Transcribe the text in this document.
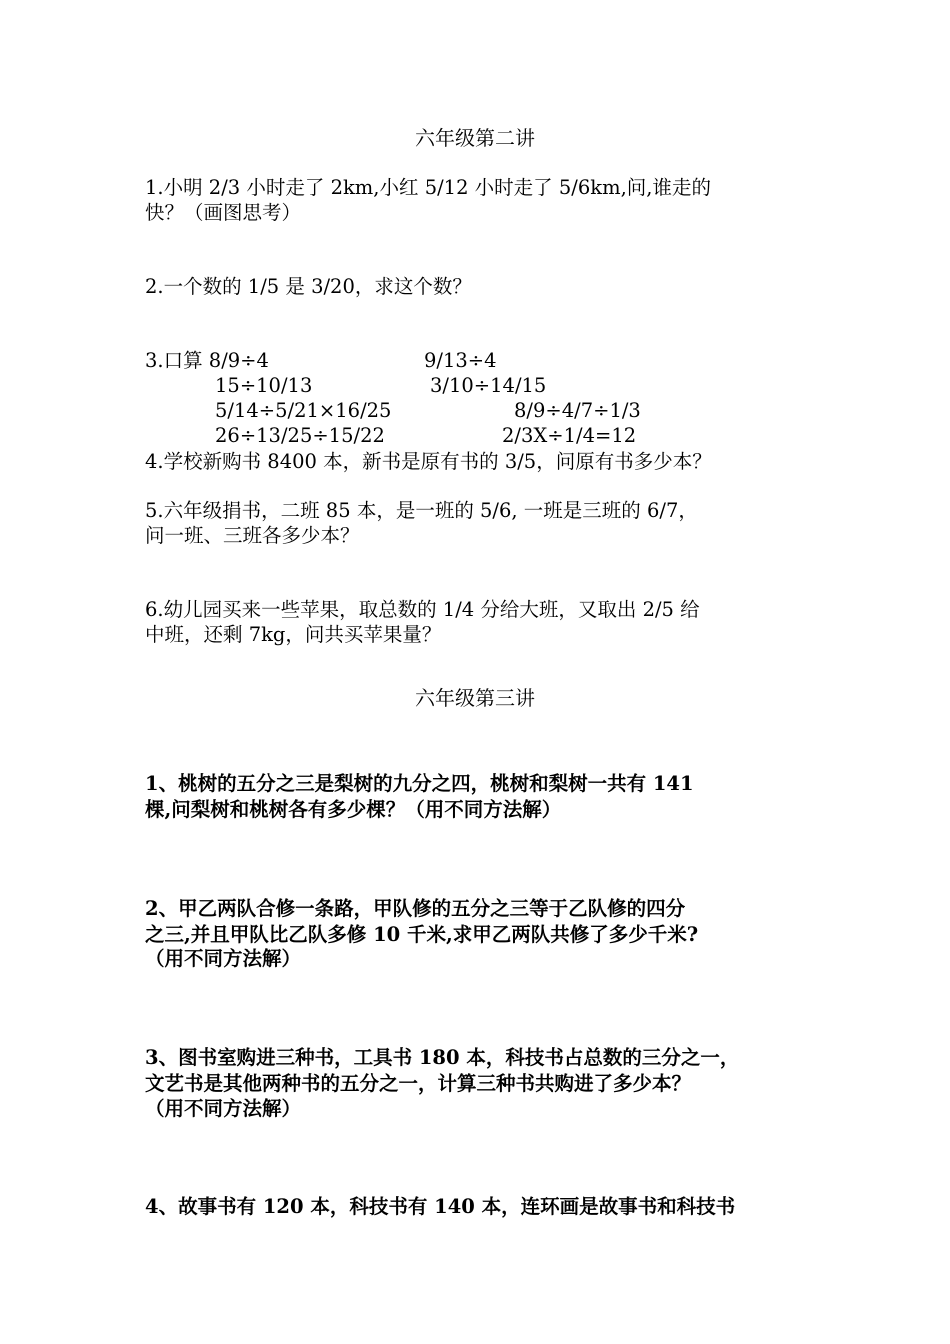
六年级第二讲
1.小明 2/3 小时走了 2km,小红 5/12 小时走了 5/6km,问,谁走的
快？（画图思考）
2.一个数的 1/5 是 3/20，求这个数？
3.口算 8/9÷4	9/13÷4
15÷10/13	3/10÷14/15
5/14÷5/21×16/25	8/9÷4/7÷1/3
26÷13/25÷15/22	2/3X÷1/4=12
4.学校新购书 8400 本，新书是原有书的 3/5，问原有书多少本？
5.六年级捐书，二班 85 本，是一班的 5/6, 一班是三班的 6/7，
问一班、三班各多少本？
6.幼儿园买来一些苹果，取总数的 1/4 分给大班，又取出 2/5 给
中班，还剩 7kg，问共买苹果量？
六年级第三讲
1、桃树的五分之三是梨树的九分之四，桃树和梨树一共有 141
棵,问梨树和桃树各有多少棵？（用不同方法解）
2、甲乙两队合修一条路，甲队修的五分之三等于乙队修的四分
之三,并且甲队比乙队多修 10 千米,求甲乙两队共修了多少千米?
（用不同方法解）
3、图书室购进三种书，工具书 180 本，科技书占总数的三分之一，
文艺书是其他两种书的五分之一，计算三种书共购进了多少本？
（用不同方法解）
4、故事书有 120 本，科技书有 140 本，连环画是故事书和科技书
